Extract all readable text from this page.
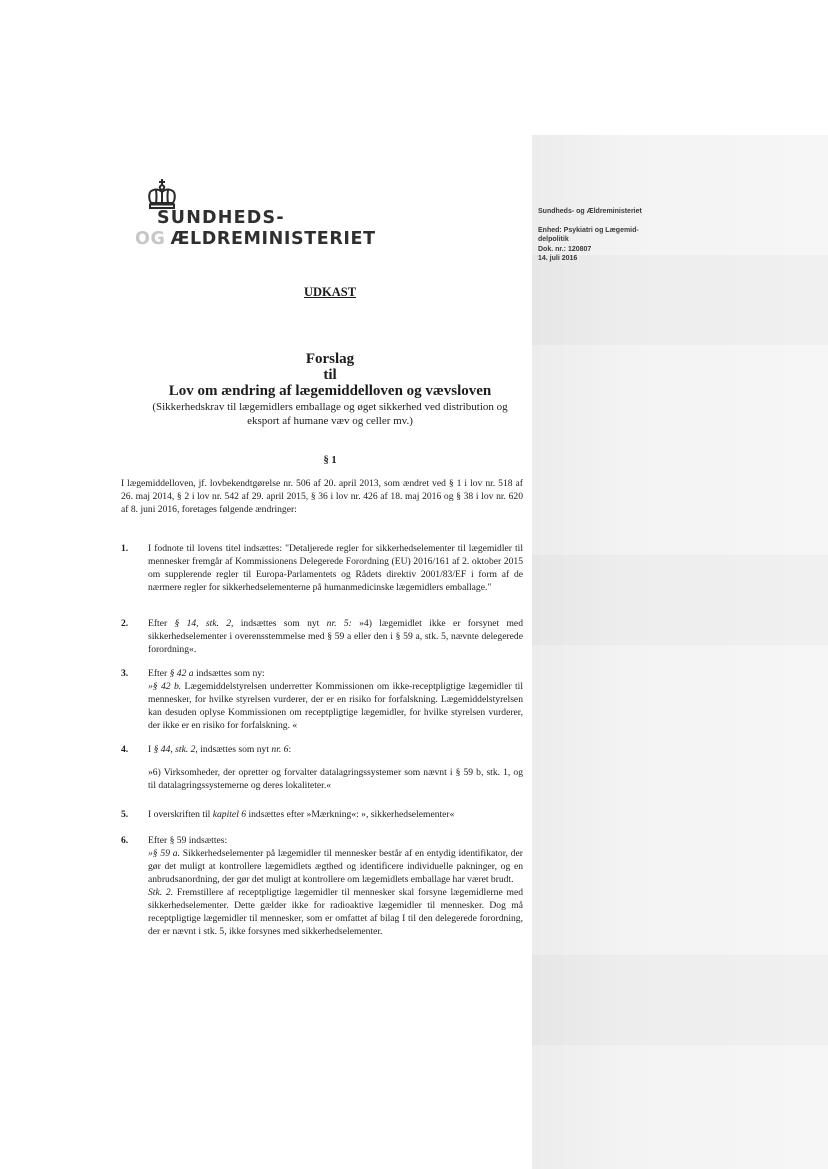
SUNDHEDS-
OG ÆLDREMINISTERIET
Sundheds- og Ældreministeriet
Enhed: Psykiatri og Lægemid-
delpolitik
Dok. nr.: 120807
14. juli 2016
UDKAST
Forslag
til
Lov om ændring af lægemiddelloven og vævsloven
(Sikkerhedskrav til lægemidlers emballage og øget sikkerhed ved distribution og eksport af humane væv og celler mv.)
§ 1
I lægemiddelloven, jf. lovbekendtgørelse nr. 506 af 20. april 2013, som ændret ved § 1 i lov nr. 518 af 26. maj 2014, § 2 i lov nr. 542 af 29. april 2015, § 36 i lov nr. 426 af 18. maj 2016 og § 38 i lov nr. 620 af 8. juni 2016, foretages følgende ændringer:
1. I fodnote til lovens titel indsættes: "Detaljerede regler for sikkerhedselementer til lægemidler til mennesker fremgår af Kommissionens Delegerede Forordning (EU) 2016/161 af 2. oktober 2015 om supplerende regler til Europa-Parlamentets og Rådets direktiv 2001/83/EF i form af de nærmere regler for sikkerhedselementerne på humanmedicinske lægemidlers emballage."
2. Efter § 14, stk. 2, indsættes som nyt nr. 5: »4) lægemidlet ikke er forsynet med sikkerhedselementer i overensstemmelse med § 59 a eller den i § 59 a, stk. 5, nævnte delegerede forordning«.
3. Efter § 42 a indsættes som ny:

»§ 42 b. Lægemiddelstyrelsen underretter Kommissionen om ikke-receptpligtige lægemidler til mennesker, for hvilke styrelsen vurderer, der er en risiko for forfalskning. Lægemiddelstyrelsen kan desuden oplyse Kommissionen om receptpligtige lægemidler, for hvilke styrelsen vurderer, der ikke er en risiko for forfalskning. «

4. I § 44, stk. 2, indsættes som nyt nr. 6:

»6) Virksomheder, der opretter og forvalter datalagringssystemer som nævnt i § 59 b, stk. 1, og til datalagringssystemerne og deres lokaliteter.«

5. I overskriften til kapitel 6 indsættes efter »Mærkning«: », sikkerhedselementer«
6. Efter § 59 indsættes:

»§ 59 a. Sikkerhedselementer på lægemidler til mennesker består af en entydig identifikator, der gør det muligt at kontrollere lægemidlets ægthed og identificere individuelle pakninger, og en anbrudsanordning, der gør det muligt at kontrollere om lægemidlets emballage har været brudt.

Stk. 2. Fremstillere af receptpligtige lægemidler til mennesker skal forsyne lægemidlerne med sikkerhedselementer. Dette gælder ikke for radioaktive lægemidler til mennesker. Dog må receptpligtige lægemidler til mennesker, som er omfattet af bilag I til den delegerede forordning, der er nævnt i stk. 5, ikke forsynes med sikkerhedselementer.
